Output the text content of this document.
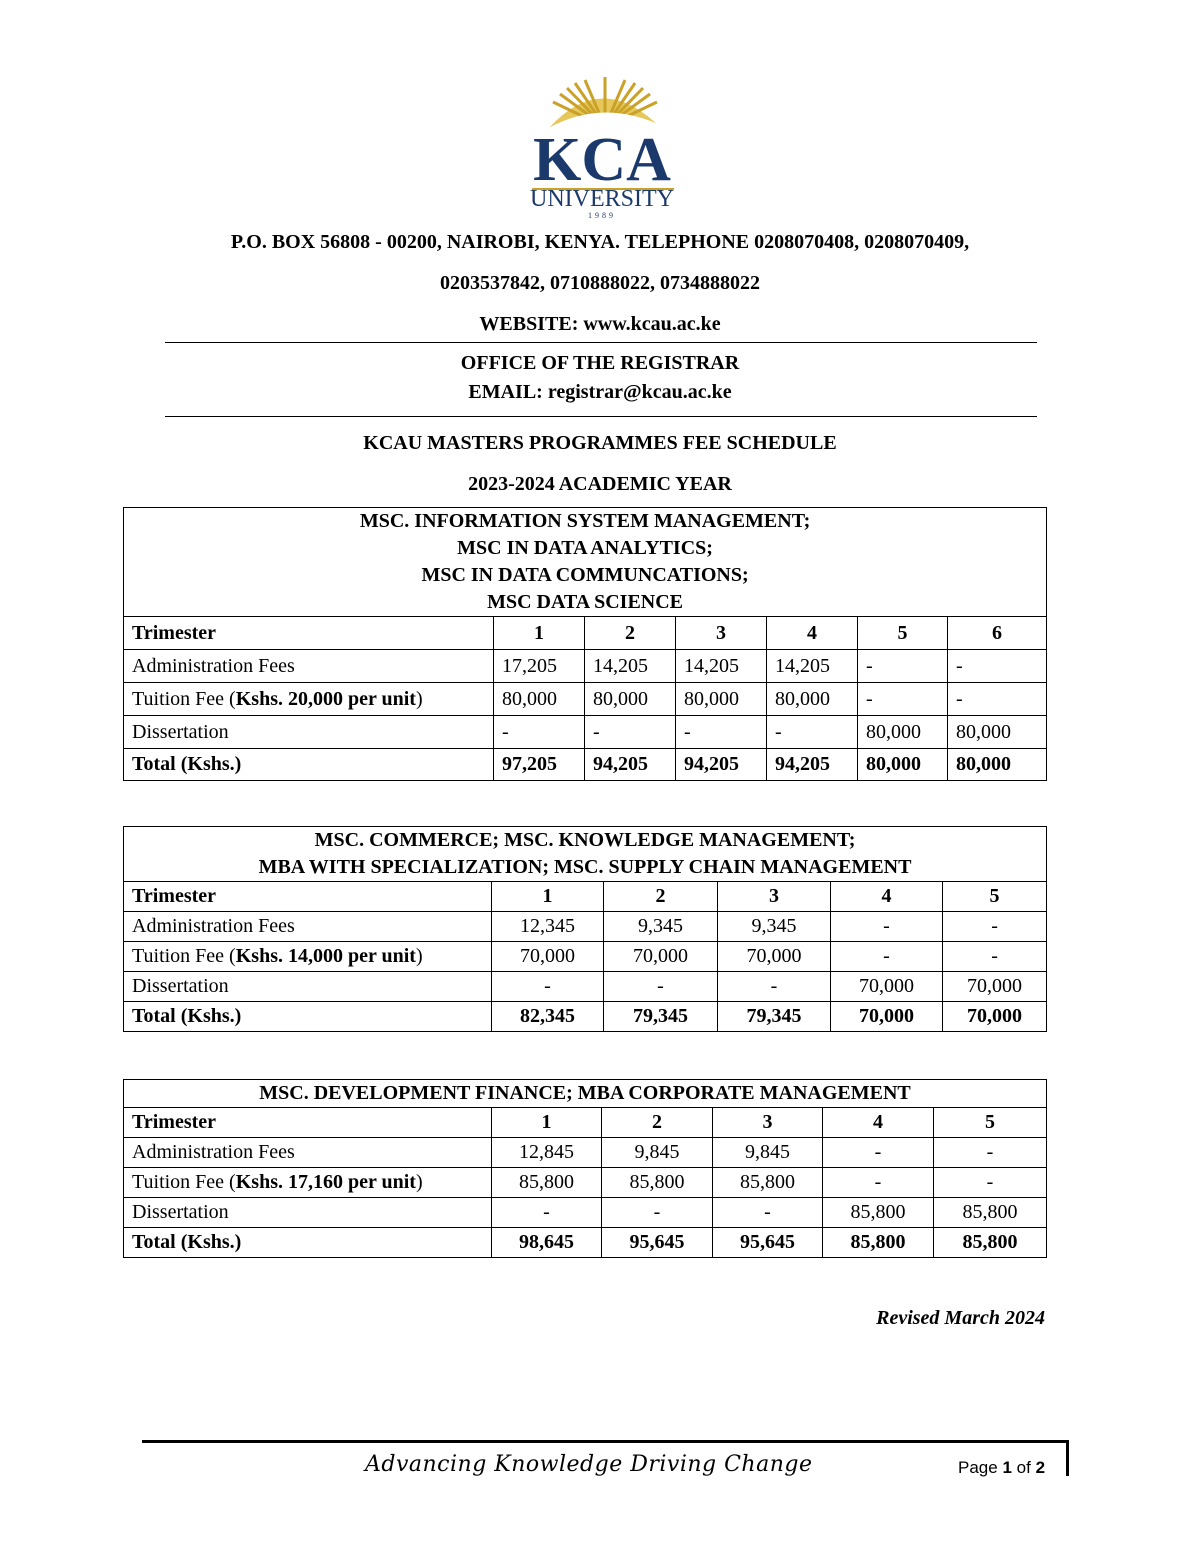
KCA
UNIVERSITY
1989
P.O. BOX 56808 - 00200, NAIROBI, KENYA. TELEPHONE 0208070408, 0208070409,
0203537842, 0710888022, 0734888022
WEBSITE: www.kcau.ac.ke
OFFICE OF THE REGISTRAR
EMAIL: registrar@kcau.ac.ke
KCAU MASTERS PROGRAMMES FEE SCHEDULE
2023-2024 ACADEMIC YEAR
MSC. INFORMATION SYSTEM MANAGEMENT;
MSC IN DATA ANALYTICS;
MSC IN DATA COMMUNCATIONS;
MSC DATA SCIENCE						

Trimester	1	2	3	4	5	6
Administration Fees	17,205	14,205	14,205	14,205	-	-
Tuition Fee (Kshs. 20,000 per unit)	80,000	80,000	80,000	80,000	-	-
Dissertation	-	-	-	-	80,000	80,000
Total (Kshs.)	97,205	94,205	94,205	94,205	80,000	80,000
MSC. COMMERCE; MSC. KNOWLEDGE MANAGEMENT;
MBA WITH SPECIALIZATION; MSC. SUPPLY CHAIN MANAGEMENT					

Trimester	1	2	3	4	5
Administration Fees	12,345	9,345	9,345	-	-
Tuition Fee (Kshs. 14,000 per unit)	70,000	70,000	70,000	-	-
Dissertation	-	-	-	70,000	70,000
Total (Kshs.)	82,345	79,345	79,345	70,000	70,000
MSC. DEVELOPMENT FINANCE; MBA CORPORATE MANAGEMENT					

Trimester	1	2	3	4	5
Administration Fees	12,845	9,845	9,845	-	-
Tuition Fee (Kshs. 17,160 per unit)	85,800	85,800	85,800	-	-
Dissertation	-	-	-	85,800	85,800
Total (Kshs.)	98,645	95,645	95,645	85,800	85,800
Revised March 2024
Advancing Knowledge Driving Change	Page 1 of 2
